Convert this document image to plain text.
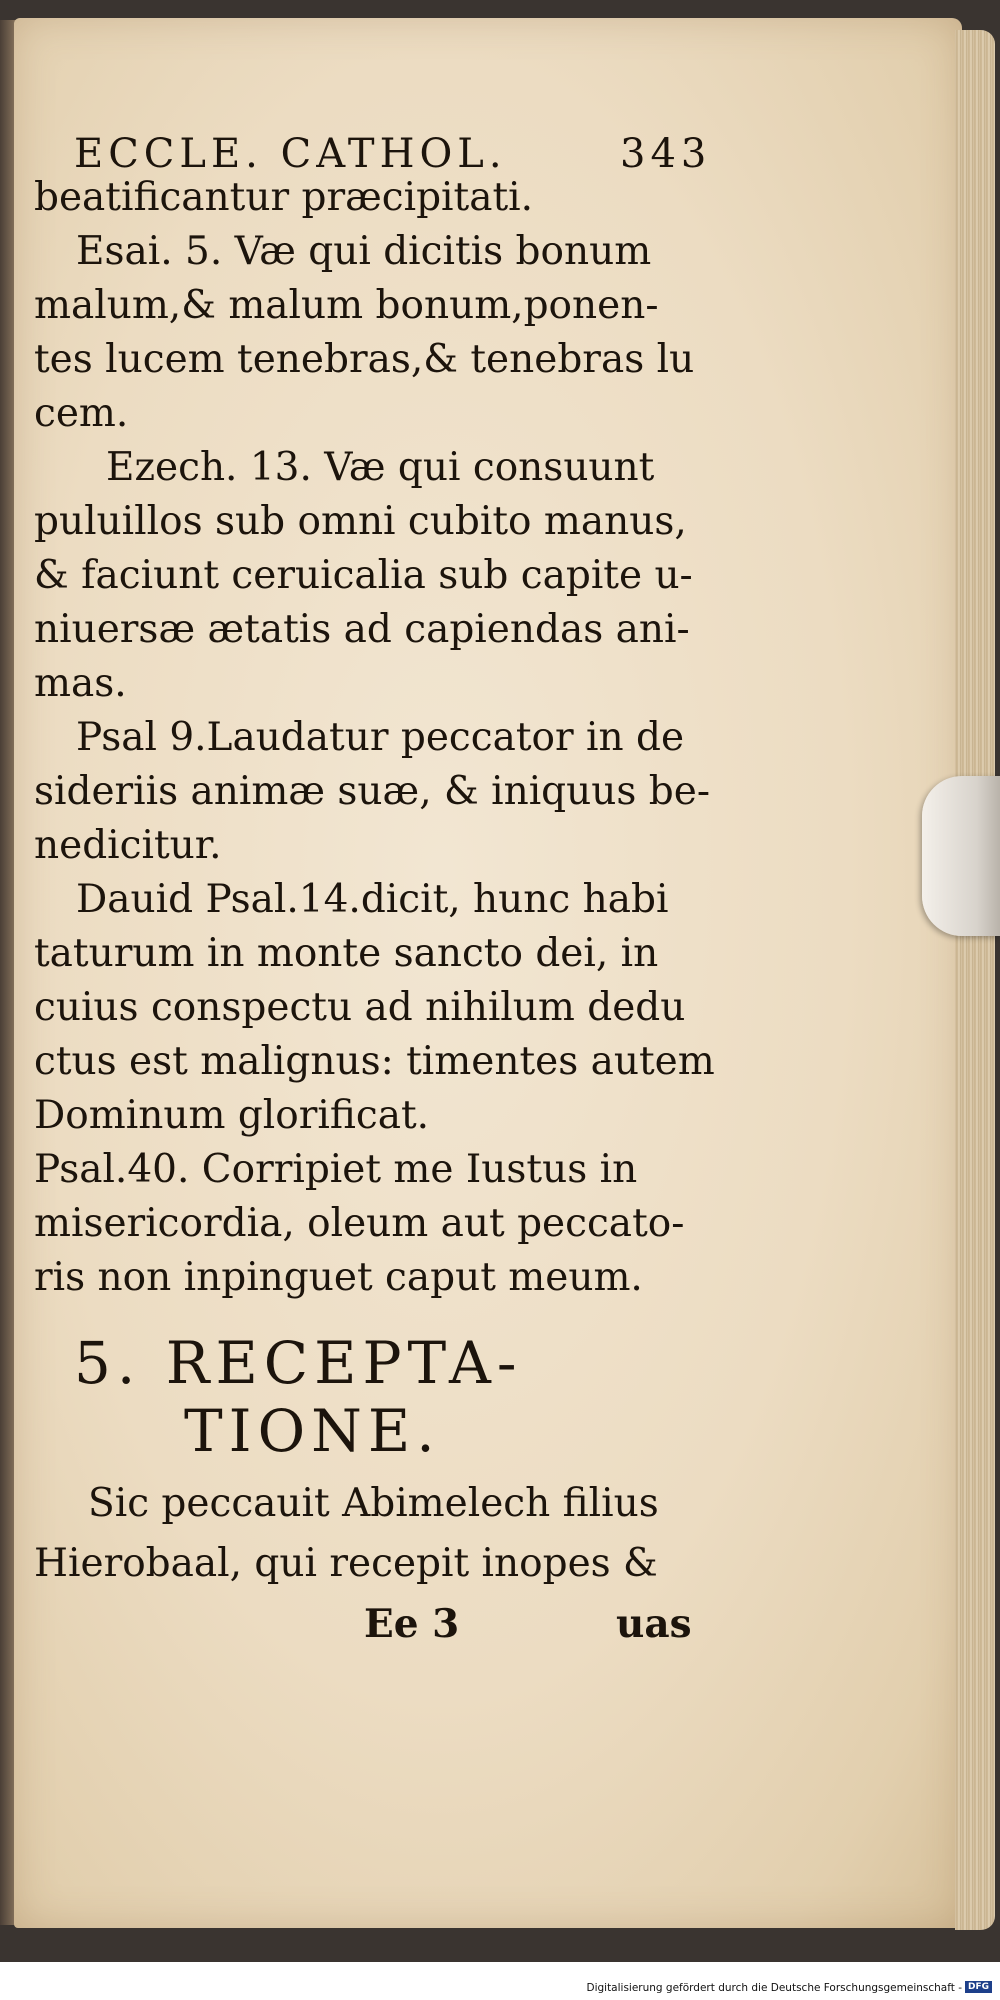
ECCLE. CATHOL.	343
beatificantur præcipitati.
Esai. 5. Væ qui dicitis bonum
malum,& malum bonum,ponen-
tes lucem tenebras,& tenebras lu
cem.
Ezech. 13. Væ qui consuunt
puluillos sub omni cubito manus,
& faciunt ceruicalia sub capite u-
niuersæ ætatis ad capiendas ani-
mas.
Psal 9.Laudatur peccator in de
sideriis animæ suæ, & iniquus be-
nedicitur.
Dauid Psal.14.dicit, hunc habi
taturum in monte sancto dei, in
cuius conspectu ad nihilum dedu
ctus est malignus: timentes autem
Dominum glorificat.
Psal.40. Corripiet me Iustus in
misericordia, oleum aut peccato-
ris non inpinguet caput meum.
5. RECEPTA-
TIONE.
Sic peccauit Abimelech filius
Hierobaal, qui recepit inopes &
Ee 3	uas
Digitalisierung gefördert durch die Deutsche Forschungsgemeinschaft - DFG
